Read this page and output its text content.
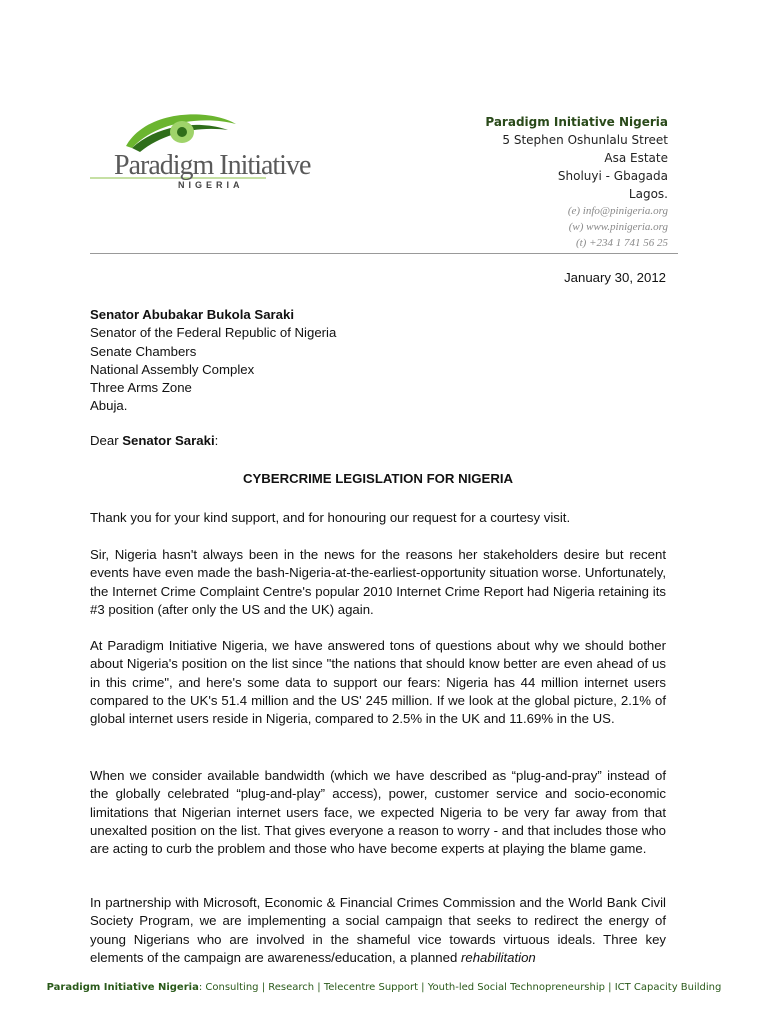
Paradigm Initiative
NIGERIA
Paradigm Initiative Nigeria
5 Stephen Oshunlalu Street
Asa Estate
Sholuyi - Gbagada
Lagos.
(e) info@pinigeria.org
(w) www.pinigeria.org
(t) +234 1 741 56 25
January 30, 2012
Senator Abubakar Bukola Saraki
Senator of the Federal Republic of Nigeria
Senate Chambers
National Assembly Complex
Three Arms Zone
Abuja.
Dear Senator Saraki:
CYBERCRIME LEGISLATION FOR NIGERIA

Thank you for your kind support, and for honouring our request for a courtesy visit.

Sir, Nigeria hasn't always been in the news for the reasons her stakeholders desire but recent events have even made the bash-Nigeria-at-the-earliest-opportunity situation worse. Unfortunately, the Internet Crime Complaint Centre's popular 2010 Internet Crime Report had Nigeria retaining its #3 position (after only the US and the UK) again.

At Paradigm Initiative Nigeria, we have answered tons of questions about why we should bother about Nigeria's position on the list since "the nations that should know better are even ahead of us in this crime", and here's some data to support our fears: Nigeria has 44 million internet users compared to the UK's 51.4 million and the US' 245 million. If we look at the global picture, 2.1% of global internet users reside in Nigeria, compared to 2.5% in the UK and 11.69% in the US.

When we consider available bandwidth (which we have described as “plug-and-pray” instead of the globally celebrated “plug-and-play” access), power, customer service and socio-economic limitations that Nigerian internet users face, we expected Nigeria to be very far away from that unexalted position on the list. That gives everyone a reason to worry - and that includes those who are acting to curb the problem and those who have become experts at playing the blame game.

In partnership with Microsoft, Economic & Financial Crimes Commission and the World Bank Civil Society Program, we are implementing a social campaign that seeks to redirect the energy of young Nigerians who are involved in the shameful vice towards virtuous ideals. Three key elements of the campaign are awareness/education, a planned rehabilitation

Paradigm Initiative Nigeria: Consulting | Research | Telecentre Support | Youth-led Social Technopreneurship | ICT Capacity Building
